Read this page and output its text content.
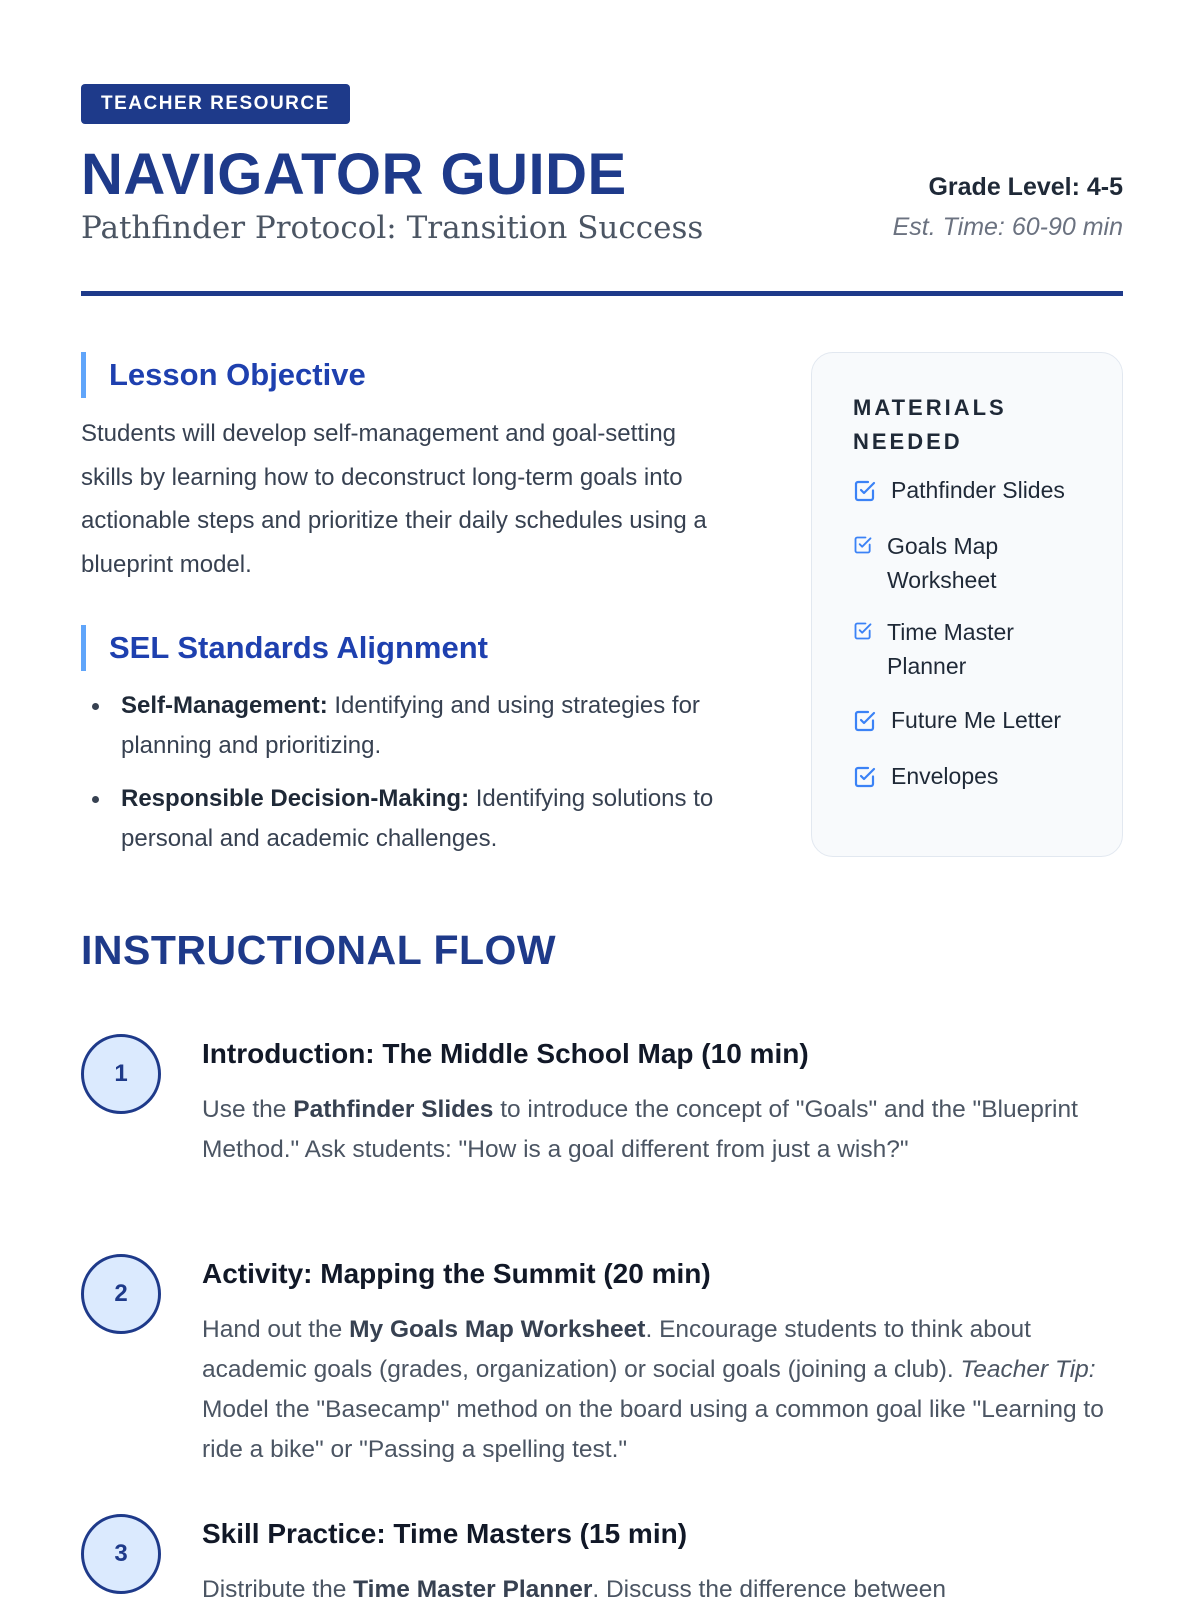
TEACHER RESOURCE
NAVIGATOR GUIDE
Pathfinder Protocol: Transition Success
Grade Level: 4-5
Est. Time: 60-90 min
Lesson Objective

Students will develop self-management and goal-setting skills by learning how to deconstruct long-term goals into actionable steps and prioritize their daily schedules using a blueprint model.

SEL Standards Alignment
Self-Management: Identifying and using strategies for planning and prioritizing.
Responsible Decision-Making: Identifying solutions to personal and academic challenges.
MATERIALS NEEDED
Pathfinder Slides
Goals Map Worksheet
Time Master Planner
Future Me Letter
Envelopes
INSTRUCTIONAL FLOW
1
Introduction: The Middle School Map (10 min)

Use the Pathfinder Slides to introduce the concept of "Goals" and the "Blueprint Method." Ask students: "How is a goal different from just a wish?"

2
Activity: Mapping the Summit (20 min)

Hand out the My Goals Map Worksheet. Encourage students to think about academic goals (grades, organization) or social goals (joining a club). Teacher Tip: Model the "Basecamp" method on the board using a common goal like "Learning to ride a bike" or "Passing a spelling test."

3
Skill Practice: Time Masters (15 min)

Distribute the Time Master Planner. Discuss the difference between
